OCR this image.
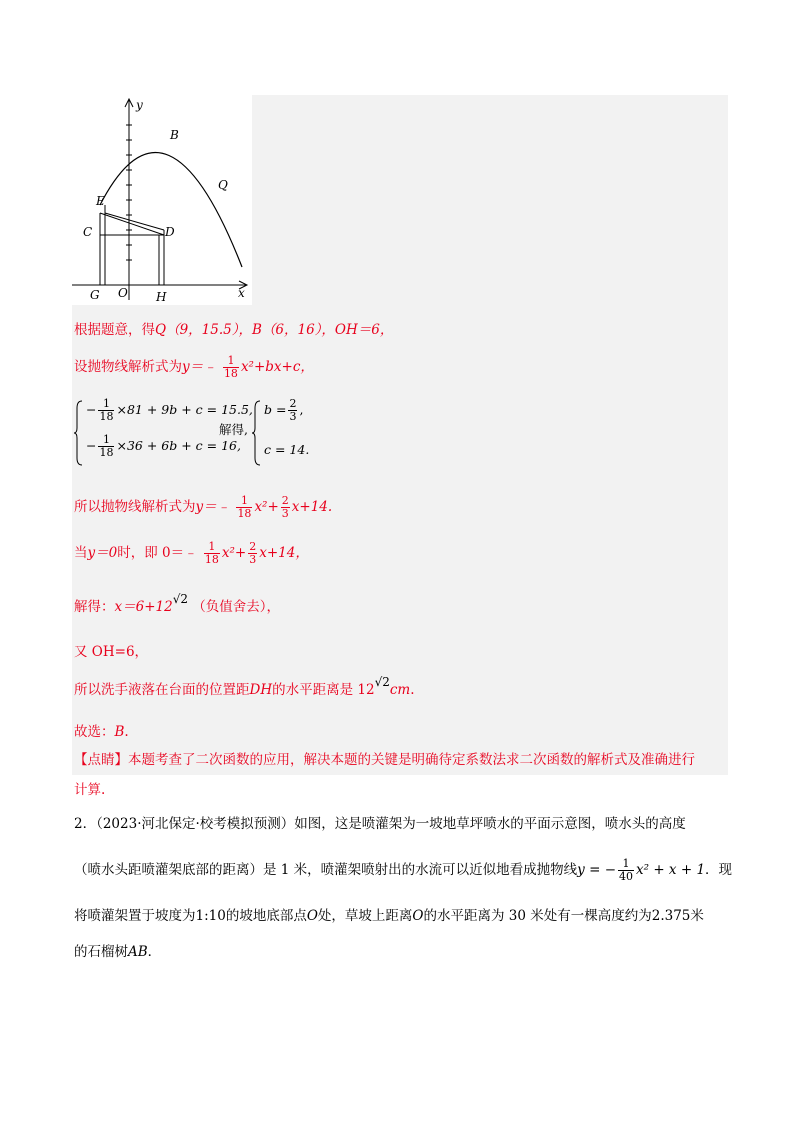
y
B
Q
E
C	D
G O H	x
根据题意，得Q（9，15.5），B（6，16），OH＝6，
设抛物线解析式为y＝﹣ $\frac{1}{18} x^2+bx+c$，
− $\frac{1}{18} \times 81 + 9b + c = 15.5$,
− $\frac{1}{18} \times 36 + 6b + c = 16$,
解得,
$b = \frac{2}{3}$ ,
c = 14.
所以抛物线解析式为y＝﹣ $\frac{1}{18} x^2+ \frac{2}{3} x+14$.
当y＝0时，即 0＝﹣ $\frac{1}{18} x^2+ \frac{2}{3} x+14$，
解得：x＝6+12√2 （负值舍去），
又 OH=6，
所以洗手液落在台面的位置距DH的水平距离是 12√2cm.
故选：B.
【点睛】本题考查了二次函数的应用，解决本题的关键是明确待定系数法求二次函数的解析式及准确进行
计算.
2．（2023·河北保定·校考模拟预测）如图，这是喷灌架为一坡地草坪喷水的平面示意图，喷水头的高度
（喷水头距喷灌架底部的距离）是 1 米，喷灌架喷射出的水流可以近似地看成抛物线y = − $\frac{1}{40} x^2 + x + 1$．现
将喷灌架置于坡度为1:10的坡地底部点O处，草坡上距离O的水平距离为 30 米处有一棵高度约为2.375米
的石榴树AB．
